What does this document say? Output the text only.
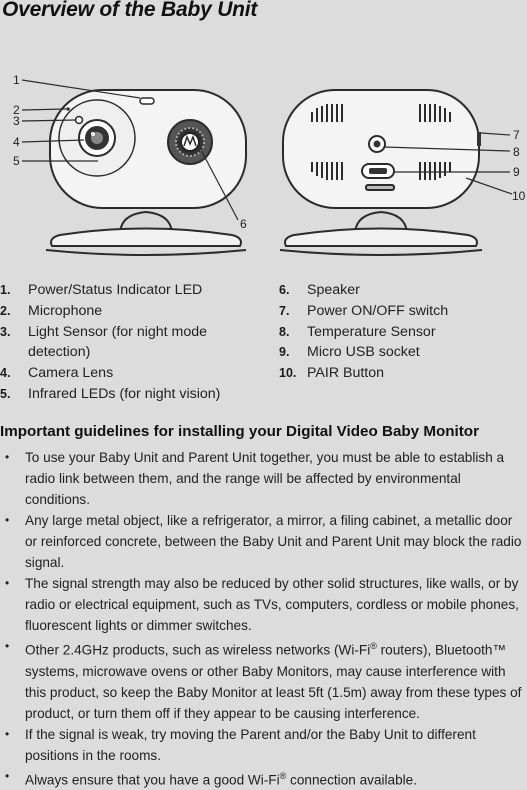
Overview of the Baby Unit
1
2
3
4
5
6
7
8
9
10
1.	Power/Status Indicator LED
2.	Microphone
3.	Light Sensor (for night mode detection)
4.	Camera Lens
5.	Infrared LEDs (for night vision)
6.	Speaker
7.	Power ON/OFF switch
8.	Temperature Sensor
9.	Micro USB socket
10. PAIR Button
Important guidelines for installing your Digital Video Baby Monitor
•	To use your Baby Unit and Parent Unit together, you must be able to establish a radio link between them, and the range will be affected by environmental conditions.
•	Any large metal object, like a refrigerator, a mirror, a filing cabinet, a metallic door or reinforced concrete, between the Baby Unit and Parent Unit may block the radio signal.
•	The signal strength may also be reduced by other solid structures, like walls, or by radio or electrical equipment, such as TVs, computers, cordless or mobile phones, fluorescent lights or dimmer switches.
•	Other 2.4GHz products, such as wireless networks (Wi-Fi® routers), Bluetooth™ systems, microwave ovens or other Baby Monitors, may cause interference with this product, so keep the Baby Monitor at least 5ft (1.5m) away from these types of product, or turn them off if they appear to be causing interference.
•	If the signal is weak, try moving the Parent and/or the Baby Unit to different positions in the rooms.
•	Always ensure that you have a good Wi-Fi® connection available.
